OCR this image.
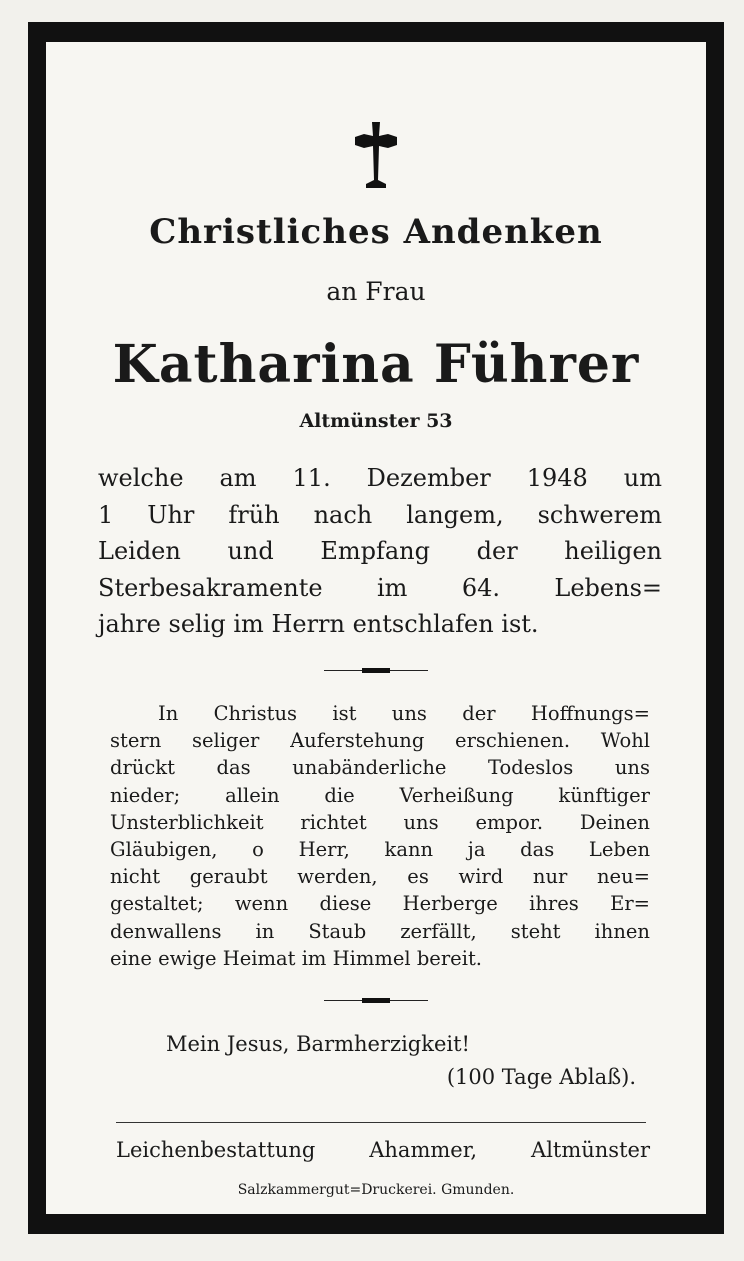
Christliches Andenken
an Frau
Katharina Führer
Altmünster 53
welche am 11. Dezember 1948 um
1 Uhr früh nach langem, schwerem
Leiden und Empfang der heiligen
Sterbesakramente im 64. Lebens=
jahre selig im Herrn entschlafen ist.
In Christus ist uns der Hoffnungs=
stern seliger Auferstehung erschienen. Wohl
drückt das unabänderliche Todeslos uns
nieder; allein die Verheißung künftiger
Unsterblichkeit richtet uns empor. Deinen
Gläubigen, o Herr, kann ja das Leben
nicht geraubt werden, es wird nur neu=
gestaltet; wenn diese Herberge ihres Er=
denwallens in Staub zerfällt, steht ihnen
eine ewige Heimat im Himmel bereit.
Mein Jesus, Barmherzigkeit!
(100 Tage Ablaß).
Leichenbestattung Ahammer, Altmünster
Salzkammergut=Druckerei. Gmunden.
